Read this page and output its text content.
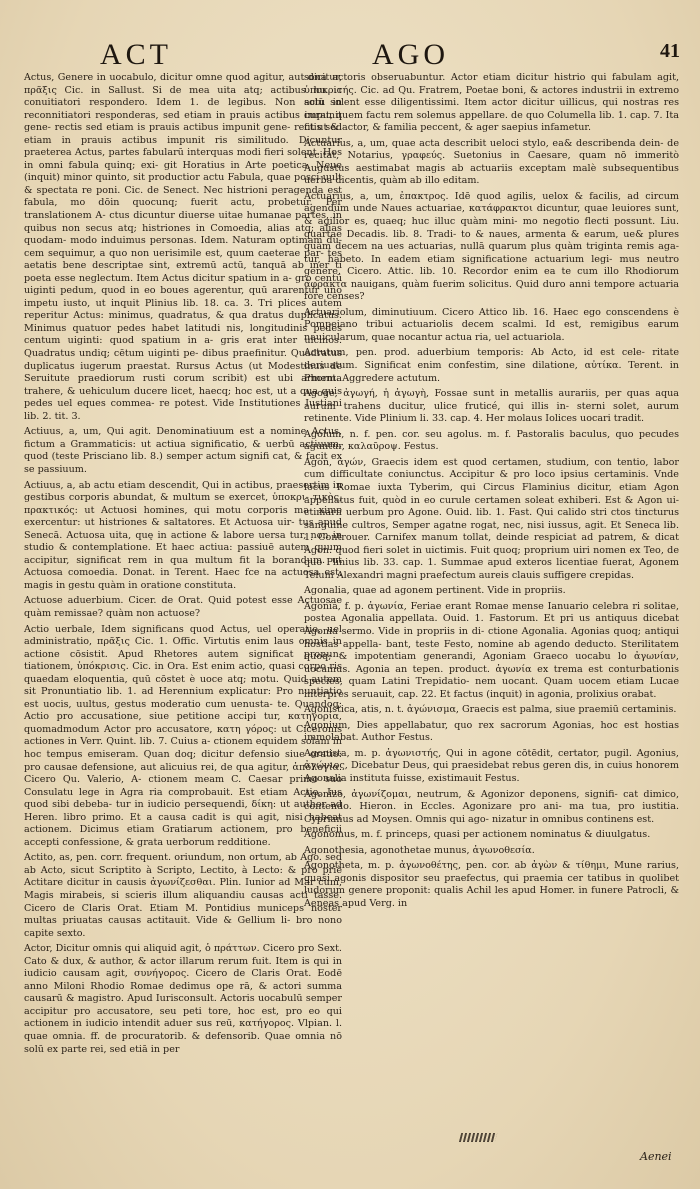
ACT	AGO	41

Actus, Genere in uocabulo, dicitur omne quod agitur, aut dicitur, πρᾶξις Cic. in Sallust. Si de mea uita atq; actibus hu ic conuitiatori respondero. Idem 1. de legibus. Non solū in reconnitiatori responderas, sed etiam in prauis actibus impunit gene- rectis sed etiam is prauis actibus impunit gene- rectis sed etiam in prauis actibus impunit ris similitudo. Dicuntur praeterea Actus, partes fabularū interquas modi fieri solent. Hos in omni fabula quinq; exi- git Horatius in Arte poetica. Neue (inquit) minor quinto, sit productior actu Fabula, quae posci uult & spectata re poni. Cic. de Senect. Nec histrioni peragenda est fabula, mo dōin quocunq; fuerit actu, probetur. Per translationem A- ctus dicuntur diuerse uitae humanae partes, in quibus non secus atq; histriones in Comoedia, alias atq; alias quodam- modo induimus personas. Idem. Naturam optimam du- cem sequimur, a quo non uerisimile est, quum caeterae par- tes aetatis bene descriptae sint, extremū actū, tanquā ab iner ti poeta esse neglectum. Item Actus dicitur spatium in a- gro centū uiginti pedum, quod in eo boues agerentur, quū ararentur uno impetu iusto, ut inquit Plinius lib. 18. ca. 3. Tri plices autem reperitur Actus: minimus, quadratus, & qua dratus duplicatus. Minimus quatuor pedes habet latitudi nis, longitudinis pedes centum uiginti: quod spatium in a- gris erat inter uicinos. Quadratus undiq; cētum uiginti pe- dibus praefinitur. Quadratus duplicatus iugerum praestat. Rursus Actus (ut Modestinus de Seruitute praediorum rusti corum scribit) est ubi armenta trahere, & uehiculum ducere licet, haecq; hoc est, ut a qua quis pedes uel eques commea- re potest. Vide Institutiones Iustiani lib. 2. tit. 3.

Actiuus, a, um, Qui agit. Denominatiuum est a nomine Actus, fictum a Grammaticis: ut actiua significatio, & uerbū actiuum, quod (teste Prisciano lib. 8.) semper actum signifi cat, & facit ex se passiuum.

Actiuus, a, ab actu etiam descendit, Qui in actibus, praesertim in gestibus corporis abundat, & multum se exercet, ὑποκρι- τικὸς, πρακτικός: ut Actuosi homines, qui motu corporis ma- xime exercentur: ut histriones & saltatores. Et Actuosa uir- tus apud Senecā. Actuosa uita, quę in actione & labore uersa tur, non in studio & contemplatione. Et haec actiua: passiuē autem quum accipitur, significat rem in qua multum fit la borandum. ut Actuosa comoedia. Donat. in Terent. Haec fce na actuosa est, magis in gestu quàm in oratione constituta.

Actuose aduerbium. Cicer. de Orat. Quid potest esse Actuosae quàm remissae? quàm non actuose?

Actio uerbale, Idem significans quod Actus, uel operatio, uel administratio, πρᾶξις Cic. 1. Offic. Virtutis enim laus omnis in actione cōsistit. Apud Rhetores autem significat pronun- tiationem, ὑπόκρισις. Cic. in Ora. Est enim actio, quasi corpo ris quaedam eloquentia, quū cōstet è uoce atq; motu. Quid autem sit Pronuntiatio lib. 1. ad Herennium explicatur: Pro nuntiatio est uocis, uultus, gestus moderatio cum uenusta- te. Quandoq; Actio pro accusatione, siue petitione accipi tur, κατηγορία, quomadmodum Actor pro accusatore, κατη γόρος: ut Ciceronis actiones in Verr. Quint. lib. 7. Cuius a- ctionem equidem solam in hoc tempus emiseram. Quan doq; dicitur defensio siue oratio: pro causae defensione, aut alicuius rei, de qua agitur, ἀπολογία. Cicero Qu. Valerio, A- ctionem meam C. Caesar primo suo Consulatu lege in Agra ria comprobauit. Est etiam Actio, Ius quod sibi debeba- tur in iudicio persequendi, δίκη: ut author ad Heren. libro primo. Et a causa cadit is qui agit, nisi habeat actionem. Dicimus etiam Gratiarum actionem, pro beneficii accepti confessione, & grata uerborum redditione.

Actito, as, pen. corr. frequent. oriundum, non ortum, ab Ago. sed ab Acto, sicut Scriptito à Scripto, Lectito, à Lecto: & pro priè Actitare dicitur in causis ἀγωνίζεσθαι. Plin. Iunior ad Mar cum, Magis mirabeis, si scieris illum aliquandiu causas acti tasse. Cicero de Claris Orat. Etiam M. Pontidius municeps noster multas priuatas causas actitauit. Vide & Gellium li- bro nono capite sexto.

Actor, Dicitur omnis qui aliquid agit, ὁ πράττων. Cicero pro Sext. Cato & dux, & author, & actor illarum rerum fuit. Item is qui in iudicio causam agit, συνήγορος. Cicero de Claris Orat. Eodē anno Miloni Rhodio Romae dedimus ope rā, & actori summa causarū & magistro. Apud Iurisconsult. Actoris uocabulū semper accipitur pro accusatore, seu peti tore, hoc est, pro eo qui actionem in iudicio intendit aduer sus reū, κατήγορος. Vlpian. l. quae omnia. ff. de procuratorib. & defensorib. Quae omnia nō solū ex parte rei, sed etiā in per

sona actoris obseruabuntur. Actor etiam dicitur histrio qui fabulam agit, ὑποκριτής. Cic. ad Qu. Fratrem, Poetae boni, & actores industrii in extremo actu solent esse diligentissimi. Item actor dicitur uillicus, qui nostras res curat, quem factu rem solemus appellare. de quo Columella lib. 1. cap. 7. Ita fit ut & actor, & familia peccent, & ager saepius infametur.

Actuarius, a, um, quae acta describit ueloci stylo, ea& describenda dein- de recitat, Notarius, γραφεύς. Suetonius in Caesare, quam nō immeritò Augustus aestimabat magis ab actuariis exceptam malè subsequentibus uerba dicentis, quàm ab illo editam.

Actuarius, a, um, ἐπακτρος. Idē quod agilis, uelox & facilis, ad circum agendum unde Naues actuariae, κατάφρακτοι dicuntur, quae leuiores sunt, & agilior es, quaeq; huc illuc quàm mini- mo negotio flecti possunt. Liu. quartae Decadis. lib. 8. Tradi- to & naues, armenta & earum, ue& plures quàm decem na ues actuarias, nullā quarum plus quàm triginta remis aga- tur, habeto. In eadem etiam significatione actuarium legi- mus neutro genere. Cicero. Attic. lib. 10. Recordor enim ea te cum illo Rhodiorum ἄφρακτα nauigans, quàm fuerim solicitus. Quid duro anni tempore actuaria fore censes?

Actuariolum, diminutiuum. Cicero Attico lib. 16. Haec ego conscendens è Pompeiano tribui actuariolis decem scalmi. Id est, remigibus earum nauicularum, quae nocantur actua ria, uel actuariola.

Actutum, pen. prod. aduerbium temporis: Ab Acto, id est cele- ritate deriuatum. Significat enim confestim, sine dilatione, αὐτίκα. Terent. in Phorm. Aggredere actutum.

Agoge, ἀγωγή, ἡ ἀγωγὴ, Fossae sunt in metallis aurariis, per quas aqua aurum trahens ducitur, ulice fruticé, qui illis in- sterni solet, aurum retinente. Vide Plinium li. 33. cap. 4. Her molaus Iolices uocari tradit.

Agolum, n. f. pen. cor. seu agolus. m. f. Pastoralis baculus, quo pecudes aguntur, καλαῦροψ. Festus.

Agon, ἀγών, Graecis idem est quod certamen, studium, con tentio, labor cum difficultate coniunctus. Accipitur & pro loco ipsius certaminis. Vnde locus Romae iuxta Tyberim, qui Circus Flaminius dicitur, etiam Agon appellatus fuit, quòd in eo curule certamen soleat exhiberi. Est & Agon ui- ctimarii uerbum pro Agone. Ouid. lib. 1. Fast. Qui calido stri ctos tincturus sanguine cultros, Semper agatne rogat, nec, nisi iussus, agit. Et Seneca lib. 1. Controuer. Carnifex manum tollat, deinde respiciat ad patrem, & dicat Agon: quod fieri solet in uictimis. Fuit quoq; proprium uiri nomen ex Teo, de quo Plinius lib. 33. cap. 1. Summae apud exteros licentiae fuerat, Agonem Teium Alexandri magni praefectum aureis clauis suffigere crepidas.

Agonalia, quae ad agonem pertinent. Vide in propriis.

Agonia, f. p. ἀγωνία, Feriae erant Romae mense Ianuario celebra ri solitae, postea Agonalia appellata. Ouid. 1. Fastorum. Et pri us antiquus dicebat Agonia sermo. Vide in propriis in di- ctione Agonalia. Agonias quoq; antiqui hostias appella- bant, teste Festo, nomine ab agendo deducto. Sterilitatem quoq; & impotentiam generandi, Agoniam Graeco uocabu lo ἀγωνίαν, uocamus. Agonia an tepen. product. ἀγωνία ex trema est conturbationis species, quam Latini Trepidatio- nem uocant. Quam uocem etiam Lucae interpres seruauit, cap. 22. Et factus (inquit) in agonia, prolixius orabat.

Agonistica, atis, n. t. ἀγώνισμα, Graecis est palma, siue praemiū certaminis.

Agonium, Dies appellabatur, quo rex sacrorum Agonias, hoc est hostias immolabat. Author Festus.

Agonista, m. p. ἀγωνιστής, Qui in agone cōtēdit, certator, pugil. Agonius, ἀγώνιος, Dicebatur Deus, qui praesidebat rebus geren dis, in cuius honorem Agonalia instituta fuisse, existimauit Festus.

Agonizo, ἀγωνίζομαι, neutrum, & Agonizor deponens, signifi- cat dimico, contendo. Hieron. in Eccles. Agonizare pro ani- ma tua, pro iustitia. Cyprianus ad Moysen. Omnis qui ago- nizatur in omnibus continens est.

Agonomus, m. f. princeps, quasi per actionem nominatus & diuulgatus.

Agonothesia, agonothetae munus, ἀγωνοθεσία.

Agonotheta, m. p. ἀγωνοθέτης, pen. cor. ab ἀγὼν & τίθημι, Mune rarius, quasi agonis dispositor seu praefectus, qui praemia cer tatibus in quolibet ludorum genere proponit: qualis Achil les apud Homer. in funere Patrocli, & Aeneas apud Verg. in

Aenei
